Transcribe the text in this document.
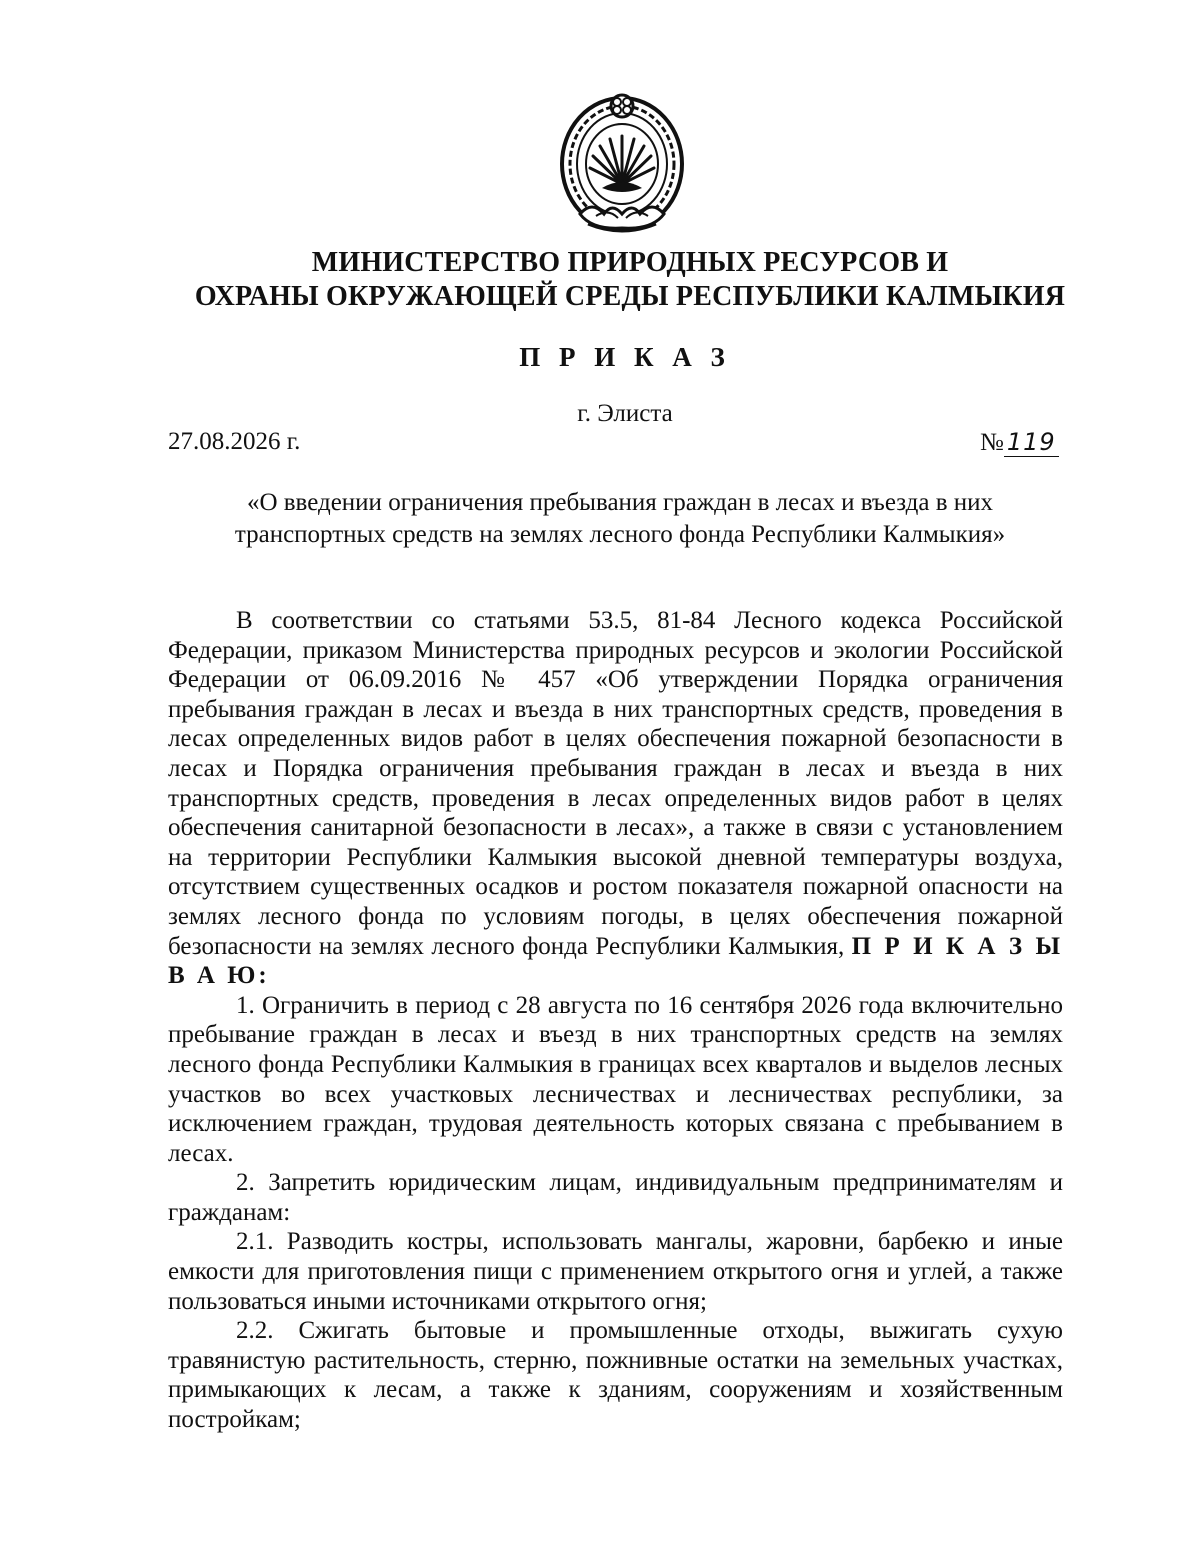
МИНИСТЕРСТВО ПРИРОДНЫХ РЕСУРСОВ И
ОХРАНЫ ОКРУЖАЮЩЕЙ СРЕДЫ РЕСПУБЛИКИ КАЛМЫКИЯ
П Р И К А З
г. Элиста
27.08.2026 г.	№ 119
«О введении ограничения пребывания граждан в лесах и въезда в них
транспортных средств на землях лесного фонда Республики Калмыкия»

В соответствии со статьями 53.5, 81-84 Лесного кодекса Российской Федерации, приказом Министерства природных ресурсов и экологии Российской Федерации от 06.09.2016 № 457 «Об утверждении Порядка ограничения пребывания граждан в лесах и въезда в них транспортных средств, проведения в лесах определенных видов работ в целях обеспечения пожарной безопасности в лесах и Порядка ограничения пребывания граждан в лесах и въезда в них транспортных средств, проведения в лесах определенных видов работ в целях обеспечения санитарной безопасности в лесах», а также в связи с установлением на территории Республики Калмыкия высокой дневной температуры воздуха, отсутствием существенных осадков и ростом показателя пожарной опасности на землях лесного фонда по условиям погоды, в целях обеспечения пожарной безопасности на землях лесного фонда Республики Калмыкия, П Р И К А З Ы В А Ю:

1. Ограничить в период с 28 августа по 16 сентября 2026 года включительно пребывание граждан в лесах и въезд в них транспортных средств на землях лесного фонда Республики Калмыкия в границах всех кварталов и выделов лесных участков во всех участковых лесничествах и лесничествах республики, за исключением граждан, трудовая деятельность которых связана с пребыванием в лесах.

2. Запретить юридическим лицам, индивидуальным предпринимателям и гражданам:

2.1. Разводить костры, использовать мангалы, жаровни, барбекю и иные емкости для приготовления пищи с применением открытого огня и углей, а также пользоваться иными источниками открытого огня;

2.2. Сжигать бытовые и промышленные отходы, выжигать сухую травянистую растительность, стерню, пожнивные остатки на земельных участках, примыкающих к лесам, а также к зданиям, сооружениям и хозяйственным постройкам;
